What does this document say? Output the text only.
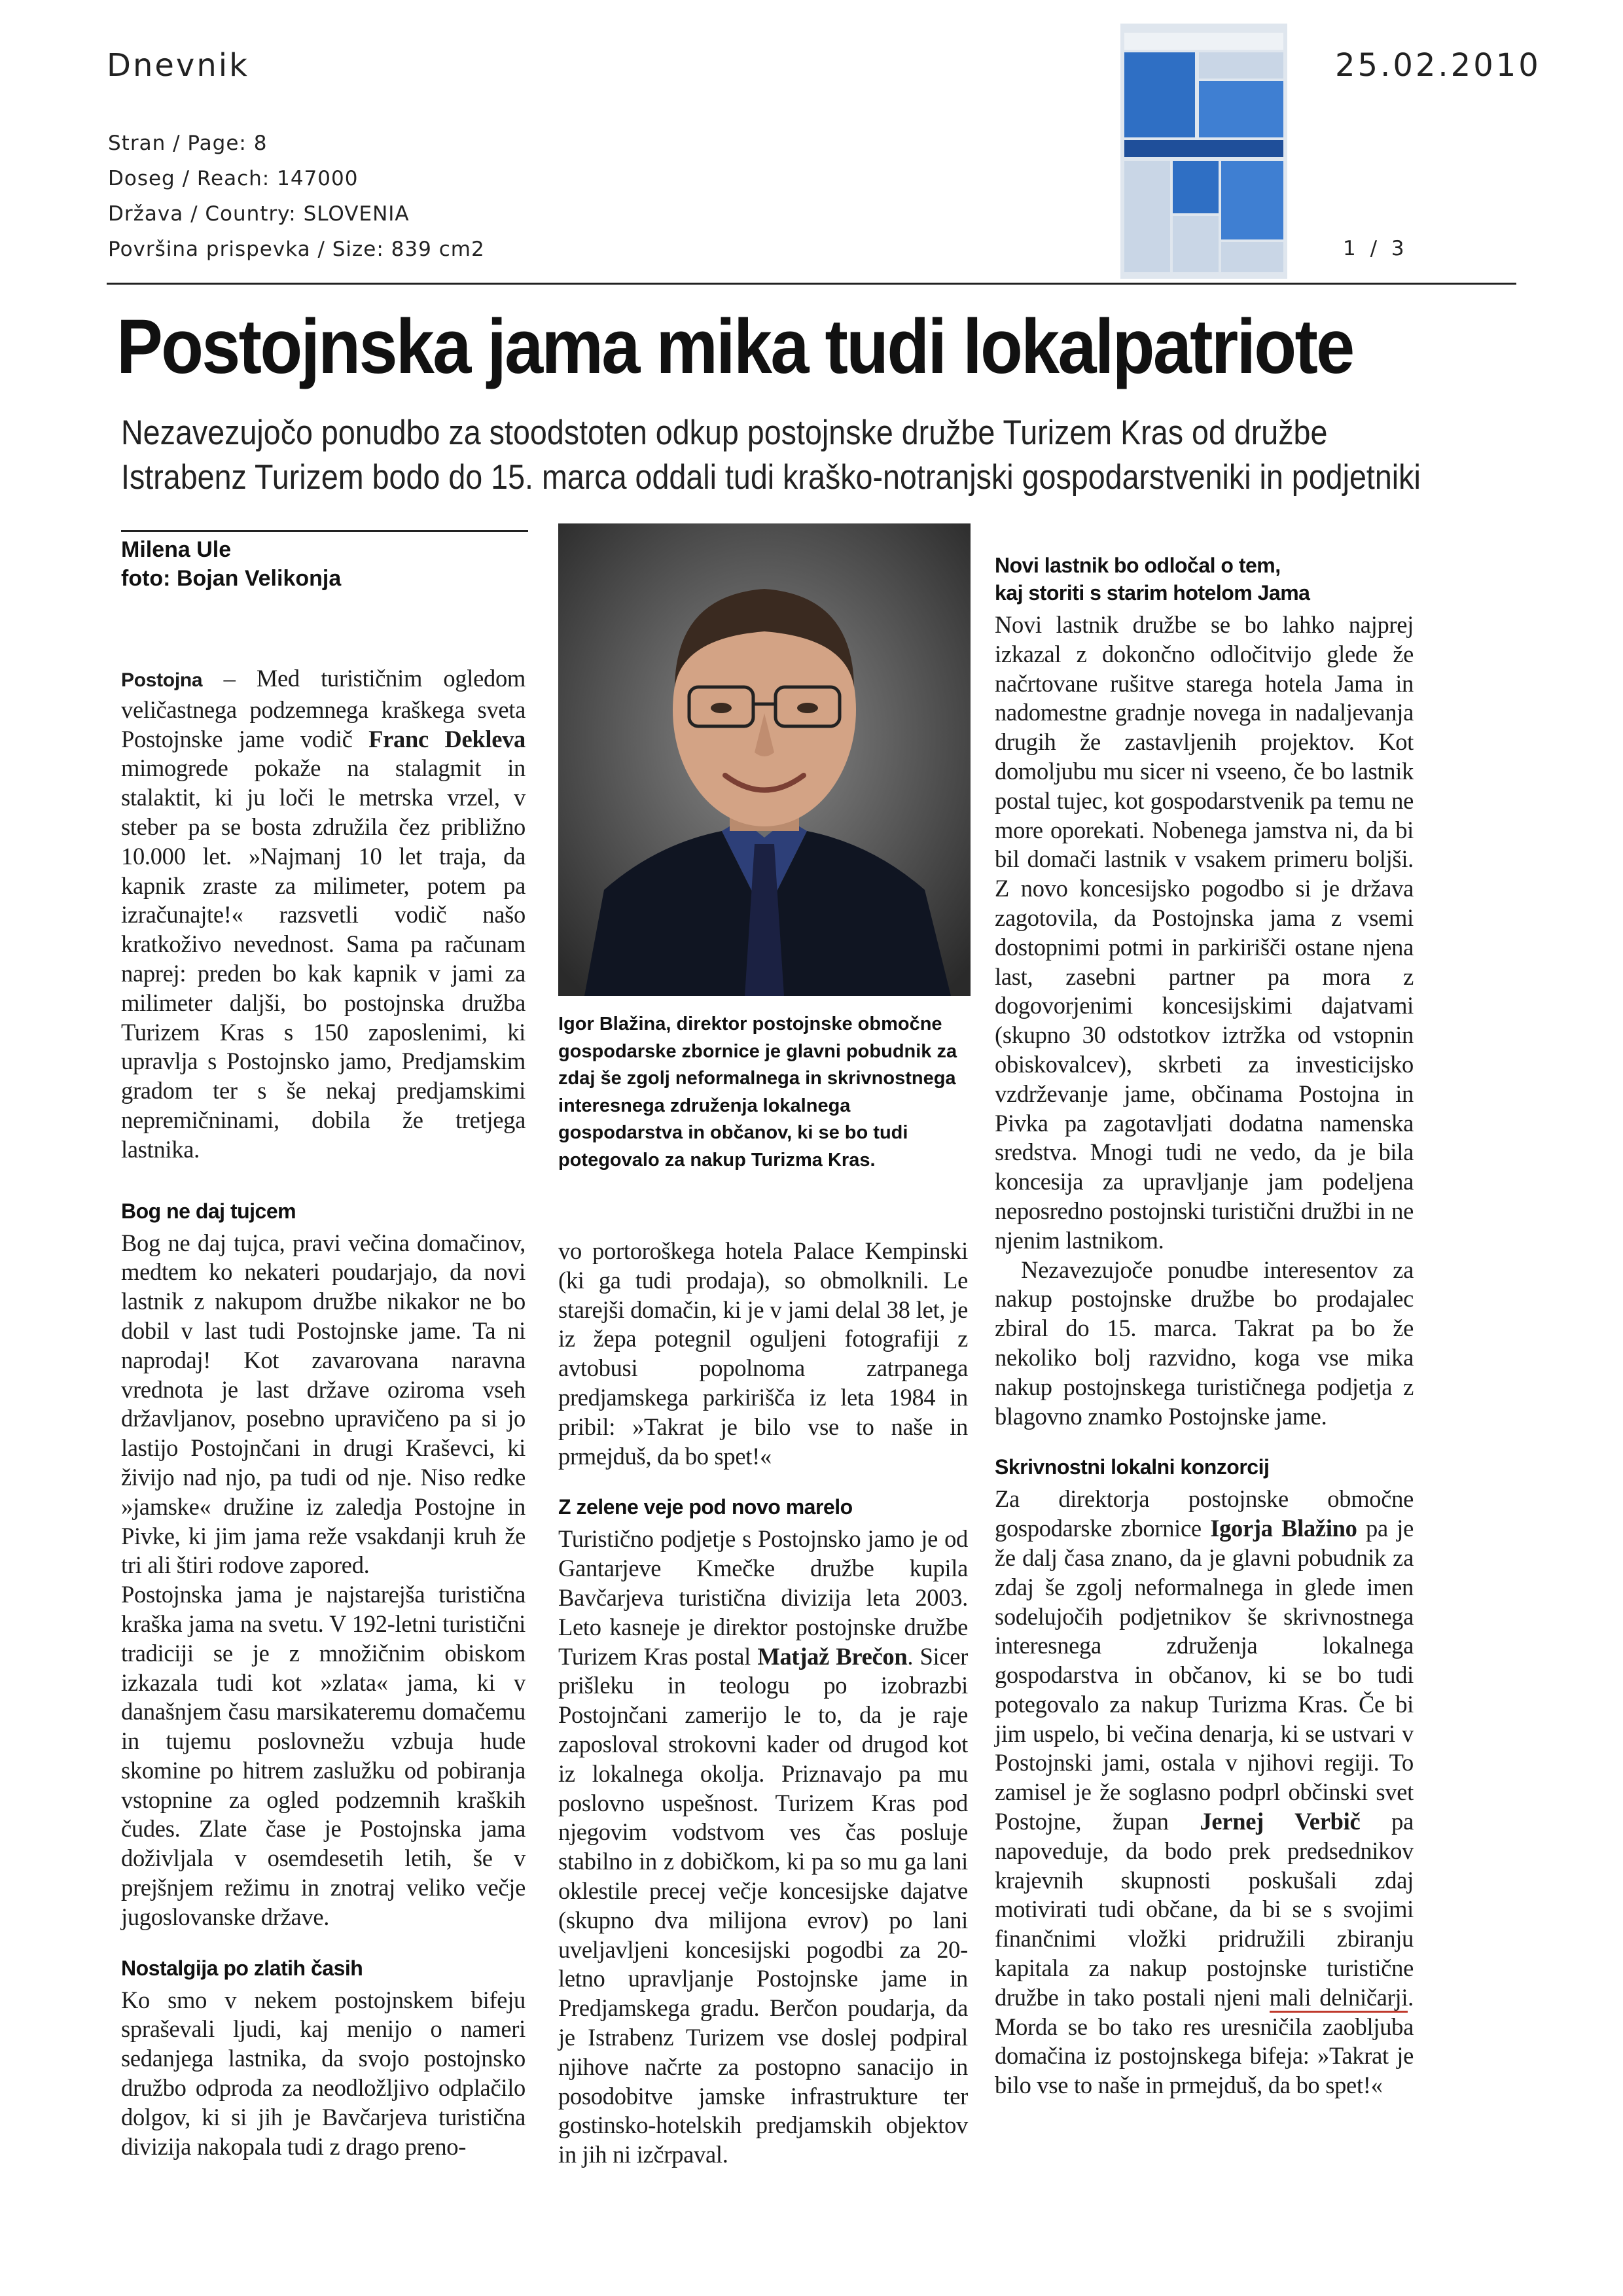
Dnevnik	25.02.2010
Stran / Page: 8
Doseg / Reach: 147000
Država / Country: SLOVENIA
Površina prispevka / Size: 839 cm2	1 / 3
Postojnska jama mika tudi lokalpatriote
Nezavezujočo ponudbo za stoodstoten odkup postojnske družbe Turizem Kras od družbe
Istrabenz Turizem bodo do 15. marca oddali tudi kraško-notranjski gospodarstveniki in podjetniki
Milena Ule
foto: Bojan Velikonja

Postojna – Med turističnim ogledom veličastnega podzemnega kraškega sveta Postojnske jame vodič Franc Dekleva mimogrede pokaže na stalagmit in stalaktit, ki ju loči le metrska vrzel, v steber pa se bosta združila čez približno 10.000 let. »Najmanj 10 let traja, da kapnik zraste za milimeter, potem pa izračunajte!« razsvetli vodič našo kratkoživo nevednost. Sama pa računam naprej: preden bo kak kapnik v jami za milimeter daljši, bo postojnska družba Turizem Kras s 150 zaposlenimi, ki upravlja s Postojnsko jamo, Predjamskim gradom ter s še nekaj predjamskimi nepremičninami, dobila že tretjega lastnika.

Bog ne daj tujcem

Bog ne daj tujca, pravi večina domačinov, medtem ko nekateri poudarjajo, da novi lastnik z nakupom družbe nikakor ne bo dobil v last tudi Postojnske jame. Ta ni naprodaj! Kot zavarovana naravna vrednota je last države oziroma vseh državljanov, posebno upravičeno pa si jo lastijo Postojnčani in drugi Kraševci, ki živijo nad njo, pa tudi od nje. Niso redke »jamske« družine iz zaledja Postojne in Pivke, ki jim jama reže vsakdanji kruh že tri ali štiri rodove zapored.

Postojnska jama je najstarejša turistična kraška jama na svetu. V 192-letni turistični tradiciji se je z množičnim obiskom izkazala tudi kot »zlata« jama, ki v današnjem času marsikateremu domačemu in tujemu poslovnežu vzbuja hude skomine po hitrem zaslužku od pobiranja vstopnine za ogled podzemnih kraških čudes. Zlate čase je Postojnska jama doživljala v osemdesetih letih, še v prejšnjem režimu in znotraj veliko večje jugoslovanske države.

Nostalgija po zlatih časih

Ko smo v nekem postojnskem bifeju spraševali ljudi, kaj menijo o nameri sedanjega lastnika, da svojo postojnsko družbo odproda za neodložljivo odplačilo dolgov, ki si jih je Bavčarjeva turistična divizija nakopala tudi z drago preno-

Igor Blažina, direktor postojnske območne gospodarske zbornice je glavni pobudnik za zdaj še zgolj neformalnega in skrivnostnega interesnega združenja lokalnega gospodarstva in občanov, ki se bo tudi potegovalo za nakup Turizma Kras.

vo portoroškega hotela Palace Kempinski (ki ga tudi prodaja), so obmolknili. Le starejši domačin, ki je v jami delal 38 let, je iz žepa potegnil oguljeni fotografiji z avtobusi popolnoma zatrpanega predjamskega parkirišča iz leta 1984 in pribil: »Takrat je bilo vse to naše in prmejduš, da bo spet!«

Z zelene veje pod novo marelo

Turistično podjetje s Postojnsko jamo je od Gantarjeve Kmečke družbe kupila Bavčarjeva turistična divizija leta 2003. Leto kasneje je direktor postojnske družbe Turizem Kras postal Matjaž Brečon. Sicer prišleku in teologu po izobrazbi Postojnčani zamerijo le to, da je raje zaposloval strokovni kader od drugod kot iz lokalnega okolja. Priznavajo pa mu poslovno uspešnost. Turizem Kras pod njegovim vodstvom ves čas posluje stabilno in z dobičkom, ki pa so mu ga lani oklestile precej večje koncesijske dajatve (skupno dva milijona evrov) po lani uveljavljeni koncesijski pogodbi za 20-letno upravljanje Postojnske jame in Predjamskega gradu. Berčon poudarja, da je Istrabenz Turizem vse doslej podpiral njihove načrte za postopno sanacijo in posodobitve jamske infrastrukture ter gostinsko-hotelskih predjamskih objektov in jih ni izčrpaval.

Novi lastnik bo odločal o tem,
kaj storiti s starim hotelom Jama

Novi lastnik družbe se bo lahko najprej izkazal z dokončno odločitvijo glede že načrtovane rušitve starega hotela Jama in nadomestne gradnje novega in nadaljevanja drugih že zastavljenih projektov. Kot domoljubu mu sicer ni vseeno, če bo lastnik postal tujec, kot gospodarstvenik pa temu ne more oporekati. Nobenega jamstva ni, da bi bil domači lastnik v vsakem primeru boljši. Z novo koncesijsko pogodbo si je država zagotovila, da Postojnska jama z vsemi dostopnimi potmi in parkirišči ostane njena last, zasebni partner pa mora z dogovorjenimi koncesijskimi dajatvami (skupno 30 odstotkov iztržka od vstopnin obiskovalcev), skrbeti za investicijsko vzdrževanje jame, občinama Postojna in Pivka pa zagotavljati dodatna namenska sredstva. Mnogi tudi ne vedo, da je bila koncesija za upravljanje jam podeljena neposredno postojnski turistični družbi in ne njenim lastnikom.

Nezavezujoče ponudbe interesentov za nakup postojnske družbe bo prodajalec zbiral do 15. marca. Takrat pa bo že nekoliko bolj razvidno, koga vse mika nakup postojnskega turističnega podjetja z blagovno znamko Postojnske jame.

Skrivnostni lokalni konzorcij

Za direktorja postojnske območne gospodarske zbornice Igorja Blažino pa je že dalj časa znano, da je glavni pobudnik za zdaj še zgolj neformalnega in glede imen sodelujočih podjetnikov še skrivnostnega interesnega združenja lokalnega gospodarstva in občanov, ki se bo tudi potegovalo za nakup Turizma Kras. Če bi jim uspelo, bi večina denarja, ki se ustvari v Postojnski jami, ostala v njihovi regiji. To zamisel je že soglasno podprl občinski svet Postojne, župan Jernej Verbič pa napoveduje, da bodo prek predsednikov krajevnih skupnosti poskušali zdaj motivirati tudi občane, da bi se s svojimi finančnimi vložki pridružili zbiranju kapitala za nakup postojnske turistične družbe in tako postali njeni mali delničarji. Morda se bo tako res uresničila zaobljuba domačina iz postojnskega bifeja: »Takrat je bilo vse to naše in prmejduš, da bo spet!«
